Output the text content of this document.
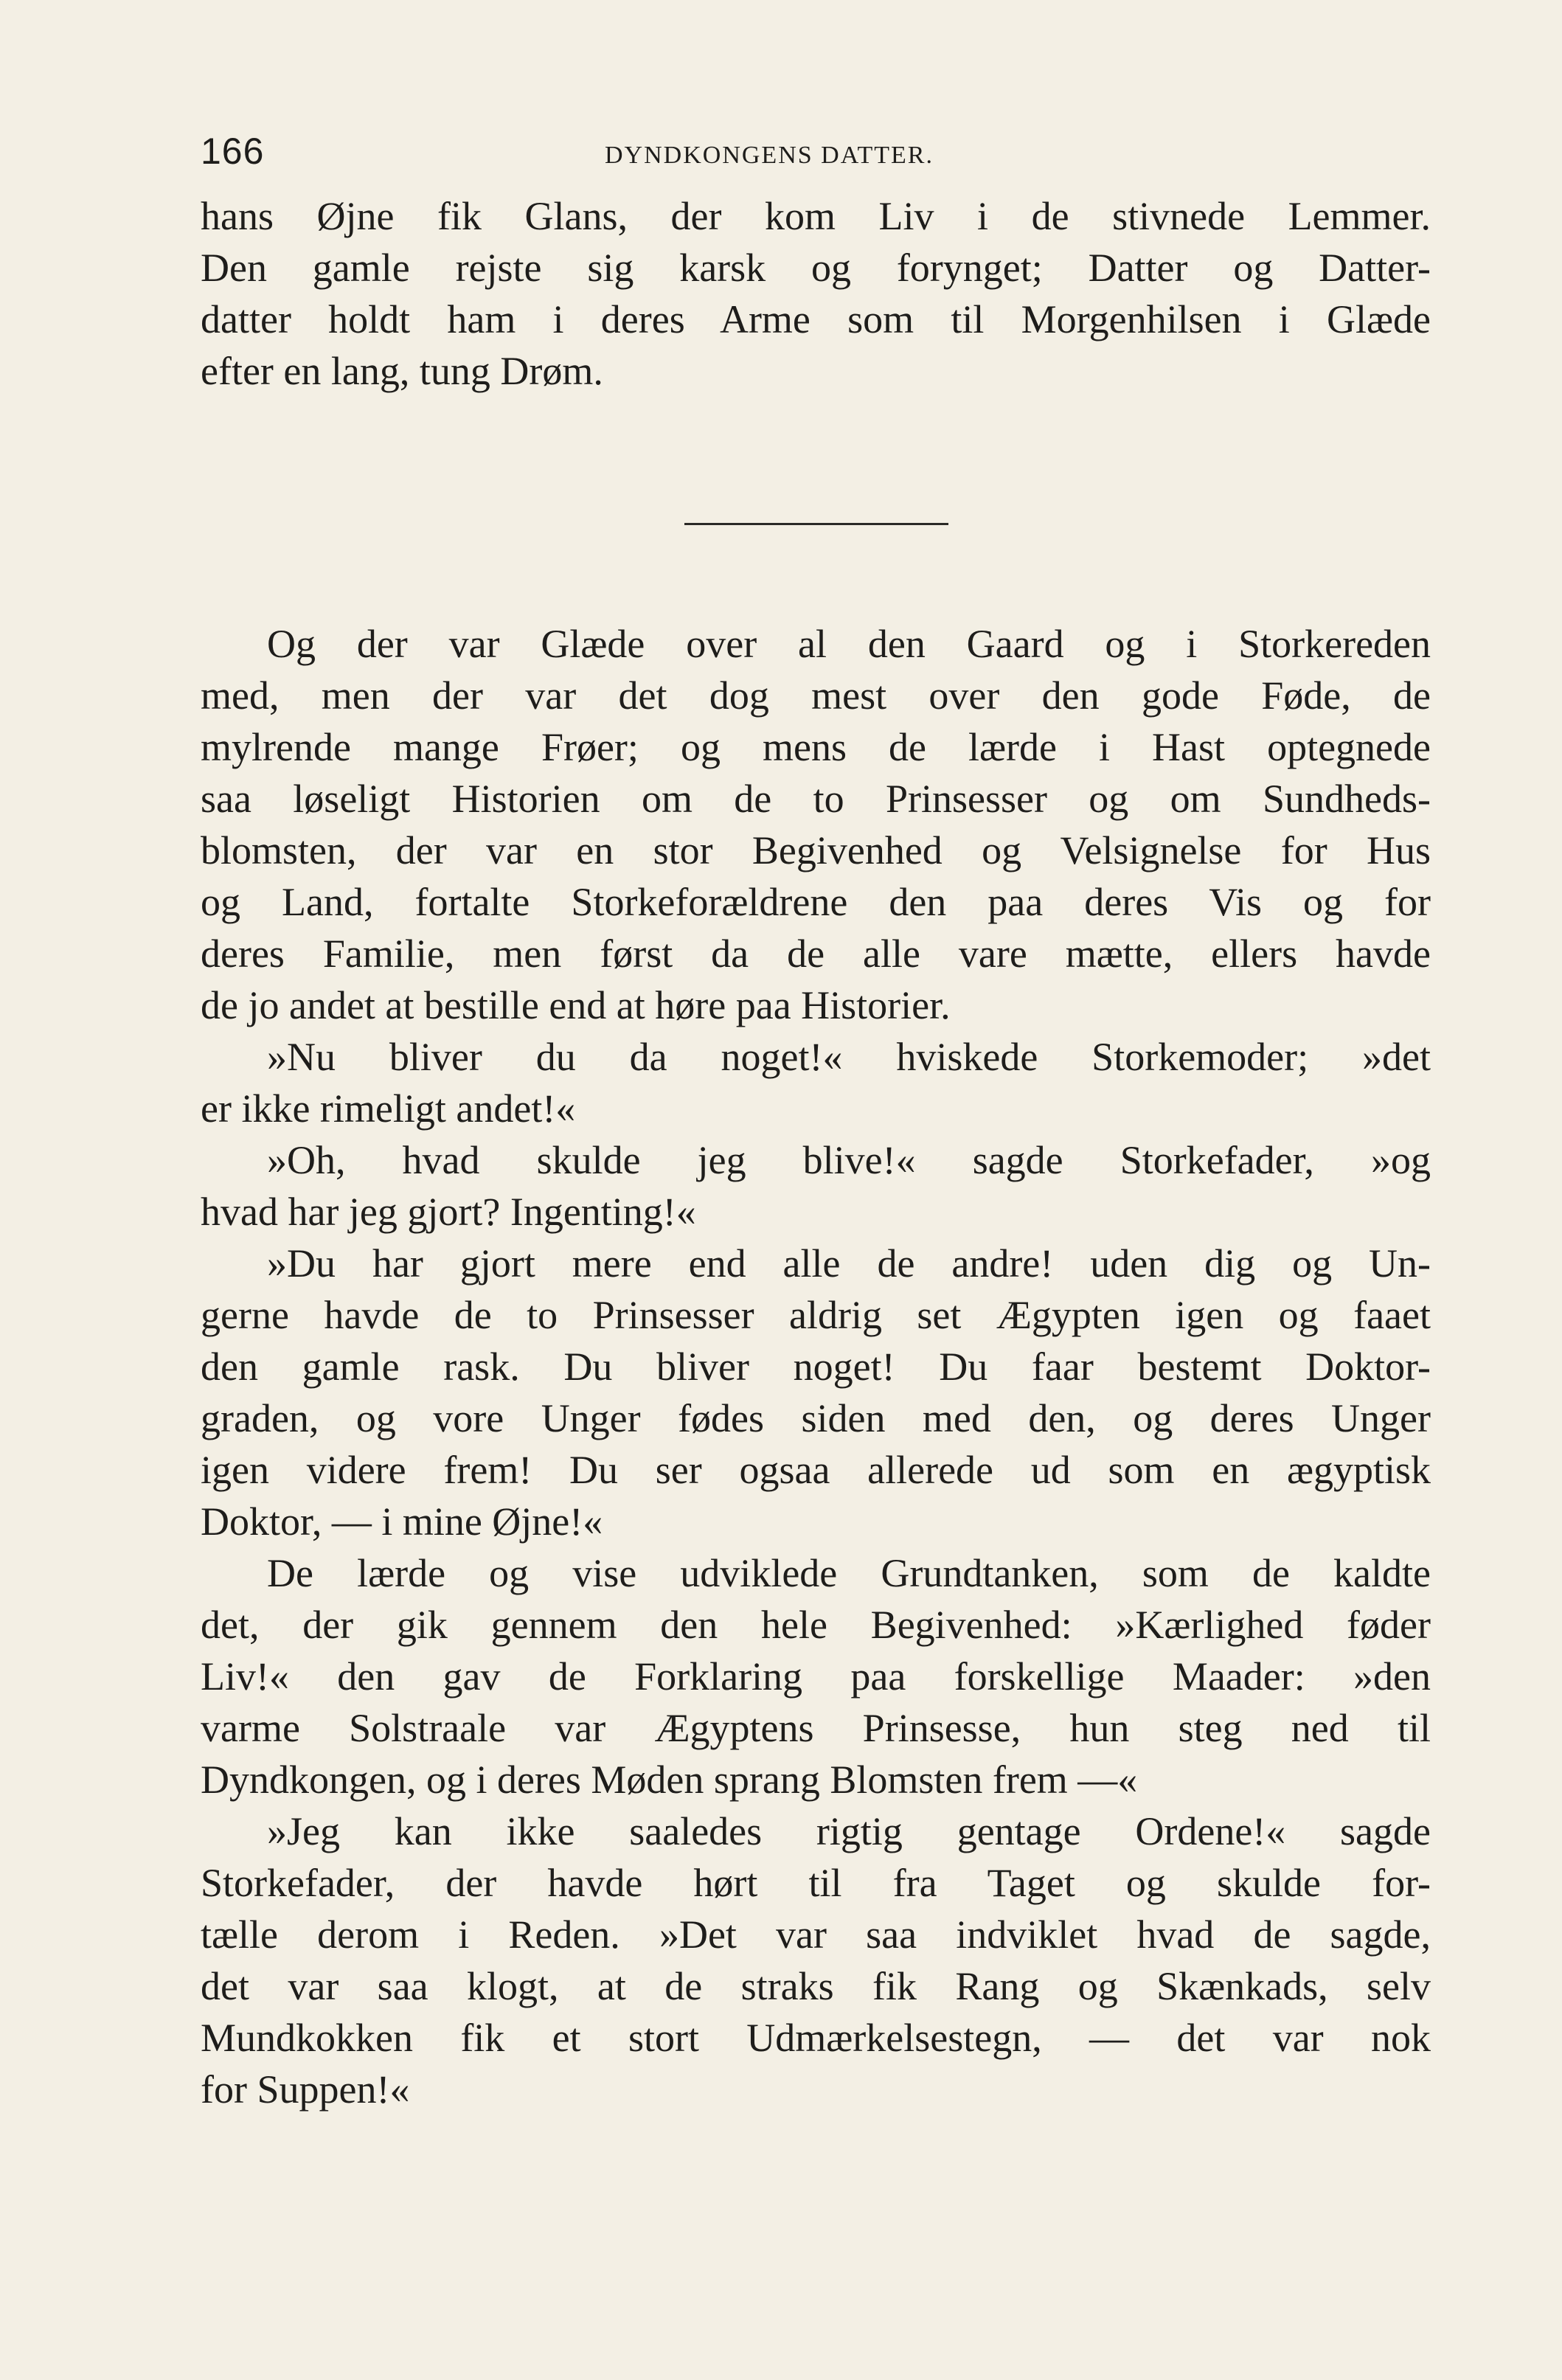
166	DYNDKONGENS DATTER.
hans Øjne fik Glans, der kom Liv i de stivnede Lemmer.
Den gamle rejste sig karsk og forynget; Datter og Datter-
datter holdt ham i deres Arme som til Morgenhilsen i Glæde
efter en lang, tung Drøm.
Og der var Glæde over al den Gaard og i Storkereden
med, men der var det dog mest over den gode Føde, de
mylrende mange Frøer; og mens de lærde i Hast optegnede
saa løseligt Historien om de to Prinsesser og om Sundheds-
blomsten, der var en stor Begivenhed og Velsignelse for Hus
og Land, fortalte Storkeforældrene den paa deres Vis og for
deres Familie, men først da de alle vare mætte, ellers havde
de jo andet at bestille end at høre paa Historier.
»Nu bliver du da noget!« hviskede Storkemoder; »det
er ikke rimeligt andet!«
»Oh, hvad skulde jeg blive!« sagde Storkefader, »og
hvad har jeg gjort? Ingenting!«
»Du har gjort mere end alle de andre! uden dig og Un-
gerne havde de to Prinsesser aldrig set Ægypten igen og faaet
den gamle rask. Du bliver noget! Du faar bestemt Doktor-
graden, og vore Unger fødes siden med den, og deres Unger
igen videre frem! Du ser ogsaa allerede ud som en ægyptisk
Doktor, — i mine Øjne!«
De lærde og vise udviklede Grundtanken, som de kaldte
det, der gik gennem den hele Begivenhed: »Kærlighed føder
Liv!« den gav de Forklaring paa forskellige Maader: »den
varme Solstraale var Ægyptens Prinsesse, hun steg ned til
Dyndkongen, og i deres Møden sprang Blomsten frem —«
»Jeg kan ikke saaledes rigtig gentage Ordene!« sagde
Storkefader, der havde hørt til fra Taget og skulde for-
tælle derom i Reden. »Det var saa indviklet hvad de sagde,
det var saa klogt, at de straks fik Rang og Skænkads, selv
Mundkokken fik et stort Udmærkelsestegn, — det var nok
for Suppen!«
